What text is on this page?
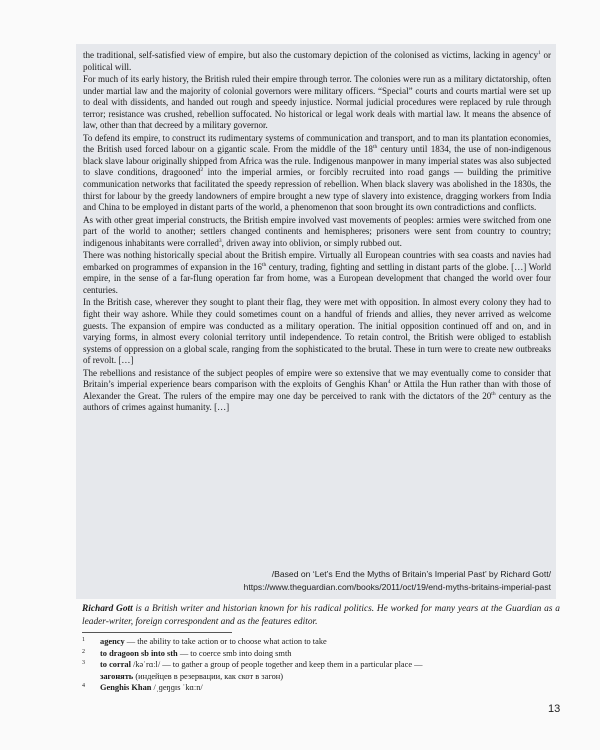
the traditional, self-satisfied view of empire, but also the customary depiction of the colonised as victims, lacking in agency$^1$ or political will.

For much of its early history, the British ruled their empire through terror. The colonies were run as a military dictatorship, often under martial law and the majority of colonial governors were military officers. “Special” courts and courts martial were set up to deal with dissidents, and handed out rough and speedy injustice. Normal judicial procedures were replaced by rule through terror; resistance was crushed, rebellion suffocated. No historical or legal work deals with martial law. It means the absence of law, other than that decreed by a military governor.

To defend its empire, to construct its rudimentary systems of communication and transport, and to man its plantation economies, the British used forced labour on a gigantic scale. From the middle of the 18th century until 1834, the use of non-indigenous black slave labour originally shipped from Africa was the rule. Indigenous manpower in many imperial states was also subjected to slave conditions, dragooned$^2$ into the imperial armies, or forcibly recruited into road gangs — building the primitive communication networks that facilitated the speedy repression of rebellion. When black slavery was abolished in the 1830s, the thirst for labour by the greedy landowners of empire brought a new type of slavery into existence, dragging workers from India and China to be employed in distant parts of the world, a phenomenon that soon brought its own contradictions and conflicts.

As with other great imperial constructs, the British empire involved vast movements of peoples: armies were switched from one part of the world to another; settlers changed continents and hemispheres; prisoners were sent from country to country; indigenous inhabitants were corralled$^3$, driven away into oblivion, or simply rubbed out.

There was nothing historically special about the British empire. Virtually all European countries with sea coasts and navies had embarked on programmes of expansion in the 16th century, trading, fighting and settling in distant parts of the globe. […] World empire, in the sense of a far-flung operation far from home, was a European development that changed the world over four centuries.

In the British case, wherever they sought to plant their flag, they were met with opposition. In almost every colony they had to fight their way ashore. While they could sometimes count on a handful of friends and allies, they never arrived as welcome guests. The expansion of empire was conducted as a military operation. The initial opposition continued off and on, and in varying forms, in almost every colonial territory until independence. To retain control, the British were obliged to establish systems of oppression on a global scale, ranging from the sophisticated to the brutal. These in turn were to create new outbreaks of revolt. […]

The rebellions and resistance of the subject peoples of empire were so extensive that we may eventually come to consider that Britain’s imperial experience bears comparison with the exploits of Genghis Khan$^4$ or Attila the Hun rather than with those of Alexander the Great. The rulers of the empire may one day be perceived to rank with the dictators of the 20th century as the authors of crimes against humanity. […]

/Based on ‘Let’s End the Myths of Britain’s Imperial Past’ by Richard Gott/
https://www.theguardian.com/books/2011/oct/19/end-myths-britains-imperial-past
Richard Gott is a British writer and historian known for his radical politics. He worked for many years at the Guardian as a leader-writer, foreign correspondent and as the features editor.
1 agency — the ability to take action or to choose what action to take
2 to dragoon sb into sth — to coerce smb into doing smth
3 to corral /kəˈrɑːl/ — to gather a group of people together and keep them in a particular place —
загонять (индейцев в резервации, как скот в загон)
4 Genghis Khan /ˌɡeŋɡɪs ˈkɑːn/
13
